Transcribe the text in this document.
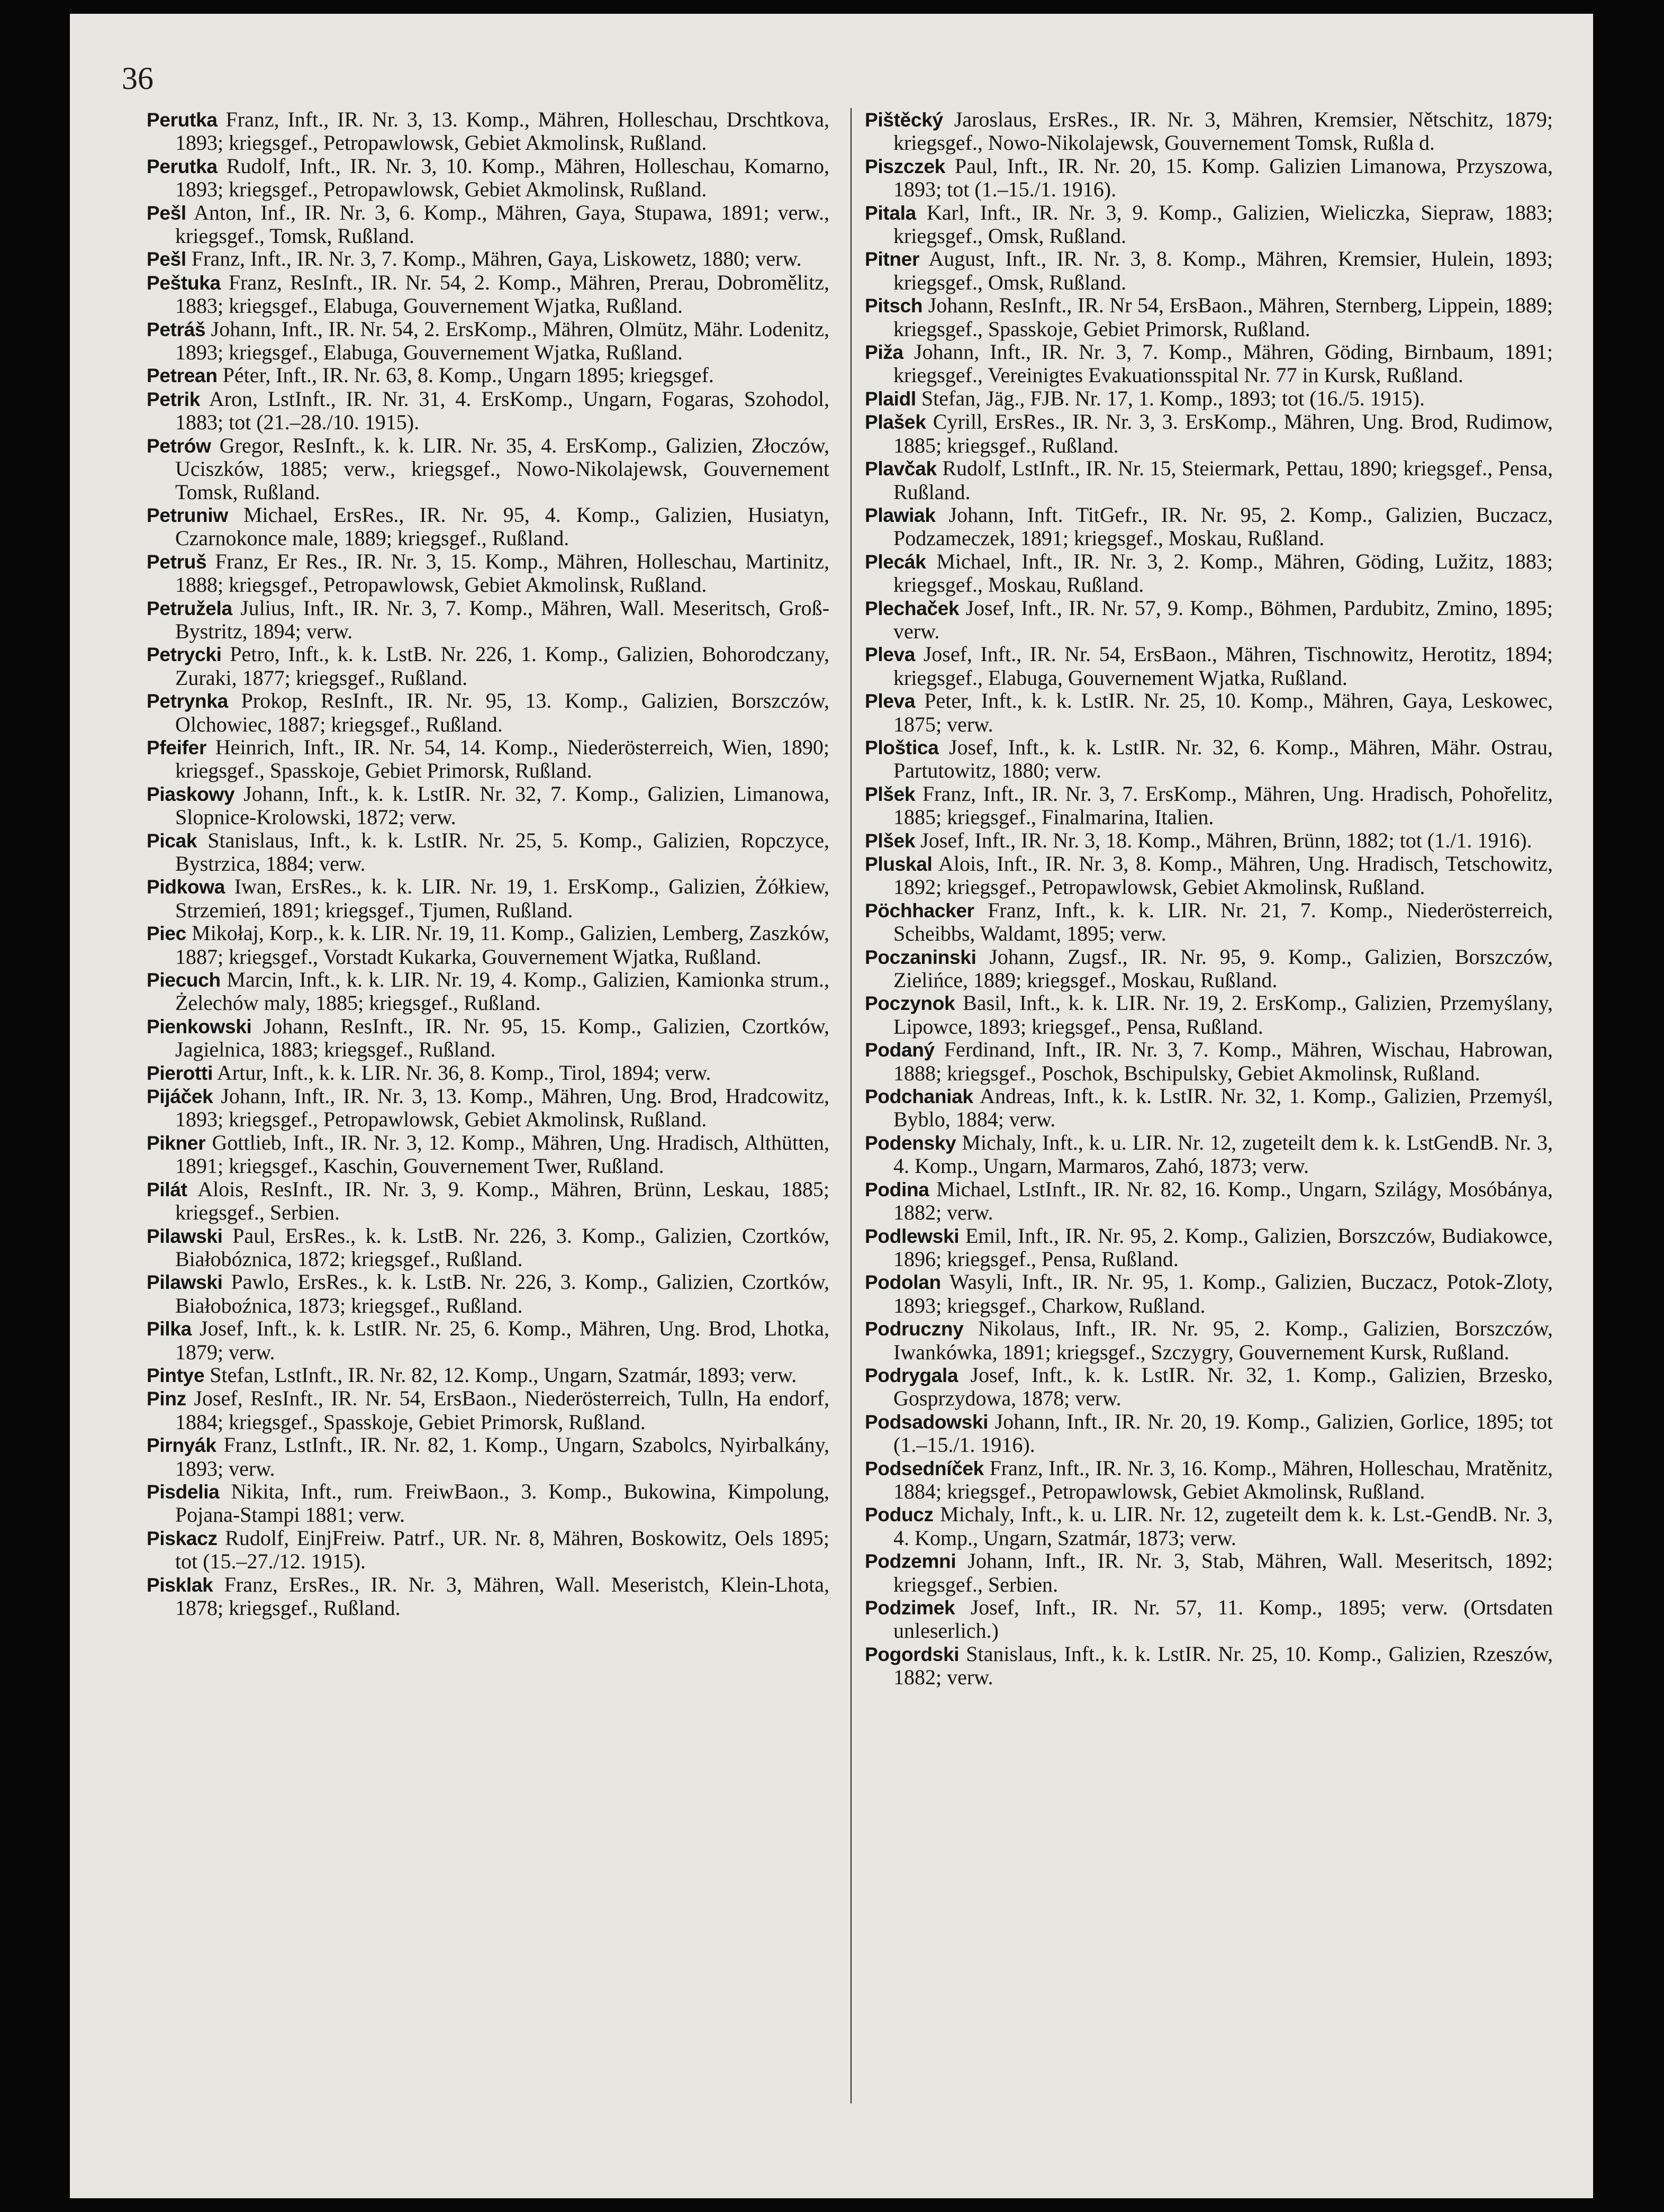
36

Perutka Franz, Inft., IR. Nr. 3, 13. Komp., Mähren, Holleschau, Drschtkova, 1893; kriegsgef., Petropawlowsk, Gebiet Akmolinsk, Rußland.

Perutka Rudolf, Inft., IR. Nr. 3, 10. Komp., Mähren, Holleschau, Komarno, 1893; kriegsgef., Petropawlowsk, Gebiet Akmolinsk, Rußland.

Pešl Anton, Inf., IR. Nr. 3, 6. Komp., Mähren, Gaya, Stupawa, 1891; verw., kriegsgef., Tomsk, Rußland.

Pešl Franz, Inft., IR. Nr. 3, 7. Komp., Mähren, Gaya, Liskowetz, 1880; verw.

Peštuka Franz, ResInft., IR. Nr. 54, 2. Komp., Mähren, Prerau, Dobromělitz, 1883; kriegsgef., Elabuga, Gouvernement Wjatka, Rußland.

Petráš Johann, Inft., IR. Nr. 54, 2. ErsKomp., Mähren, Olmütz, Mähr. Lodenitz, 1893; kriegsgef., Elabuga, Gouvernement Wjatka, Rußland.

Petrean Péter, Inft., IR. Nr. 63, 8. Komp., Ungarn 1895; kriegsgef.

Petrik Aron, LstInft., IR. Nr. 31, 4. ErsKomp., Ungarn, Fogaras, Szohodol, 1883; tot (21.–28./10. 1915).

Petrów Gregor, ResInft., k. k. LIR. Nr. 35, 4. ErsKomp., Galizien, Złoczów, Uciszków, 1885; verw., kriegsgef., Nowo-Nikolajewsk, Gouvernement Tomsk, Rußland.

Petruniw Michael, ErsRes., IR. Nr. 95, 4. Komp., Galizien, Husiatyn, Czarnokonce male, 1889; kriegsgef., Rußland.

Petruš Franz, Er Res., IR. Nr. 3, 15. Komp., Mähren, Holleschau, Martinitz, 1888; kriegsgef., Petropawlowsk, Gebiet Akmolinsk, Rußland.

Petružela Julius, Inft., IR. Nr. 3, 7. Komp., Mähren, Wall. Meseritsch, Groß-Bystritz, 1894; verw.

Petrycki Petro, Inft., k. k. LstB. Nr. 226, 1. Komp., Galizien, Bohorodczany, Zuraki, 1877; kriegsgef., Rußland.

Petrynka Prokop, ResInft., IR. Nr. 95, 13. Komp., Galizien, Borszczów, Olchowiec, 1887; kriegsgef., Rußland.

Pfeifer Heinrich, Inft., IR. Nr. 54, 14. Komp., Niederösterreich, Wien, 1890; kriegsgef., Spasskoje, Gebiet Primorsk, Rußland.

Piaskowy Johann, Inft., k. k. LstIR. Nr. 32, 7. Komp., Galizien, Limanowa, Slopnice-Krolowski, 1872; verw.

Picak Stanislaus, Inft., k. k. LstIR. Nr. 25, 5. Komp., Galizien, Ropczyce, Bystrzica, 1884; verw.

Pidkowa Iwan, ErsRes., k. k. LIR. Nr. 19, 1. ErsKomp., Galizien, Żółkiew, Strzemień, 1891; kriegsgef., Tjumen, Rußland.

Piec Mikołaj, Korp., k. k. LIR. Nr. 19, 11. Komp., Galizien, Lemberg, Zaszków, 1887; kriegsgef., Vorstadt Kukarka, Gouvernement Wjatka, Rußland.

Piecuch Marcin, Inft., k. k. LIR. Nr. 19, 4. Komp., Galizien, Kamionka strum., Żelechów maly, 1885; kriegsgef., Rußland.

Pienkowski Johann, ResInft., IR. Nr. 95, 15. Komp., Galizien, Czortków, Jagielnica, 1883; kriegsgef., Rußland.

Pierotti Artur, Inft., k. k. LIR. Nr. 36, 8. Komp., Tirol, 1894; verw.

Pijáček Johann, Inft., IR. Nr. 3, 13. Komp., Mähren, Ung. Brod, Hradcowitz, 1893; kriegsgef., Petropawlowsk, Gebiet Akmolinsk, Rußland.

Pikner Gottlieb, Inft., IR. Nr. 3, 12. Komp., Mähren, Ung. Hradisch, Althütten, 1891; kriegsgef., Kaschin, Gouvernement Twer, Rußland.

Pilát Alois, ResInft., IR. Nr. 3, 9. Komp., Mähren, Brünn, Leskau, 1885; kriegsgef., Serbien.

Pilawski Paul, ErsRes., k. k. LstB. Nr. 226, 3. Komp., Galizien, Czortków, Białobóznica, 1872; kriegsgef., Rußland.

Pilawski Pawlo, ErsRes., k. k. LstB. Nr. 226, 3. Komp., Galizien, Czortków, Białoboźnica, 1873; kriegsgef., Rußland.

Pilka Josef, Inft., k. k. LstIR. Nr. 25, 6. Komp., Mähren, Ung. Brod, Lhotka, 1879; verw.

Pintye Stefan, LstInft., IR. Nr. 82, 12. Komp., Ungarn, Szatmár, 1893; verw.

Pinz Josef, ResInft., IR. Nr. 54, ErsBaon., Niederösterreich, Tulln, Ha endorf, 1884; kriegsgef., Spasskoje, Gebiet Primorsk, Rußland.

Pirnyák Franz, LstInft., IR. Nr. 82, 1. Komp., Ungarn, Szabolcs, Nyirbalkány, 1893; verw.

Pisdelia Nikita, Inft., rum. FreiwBaon., 3. Komp., Bukowina, Kimpolung, Pojana-Stampi 1881; verw.

Piskacz Rudolf, EinjFreiw. Patrf., UR. Nr. 8, Mähren, Boskowitz, Oels 1895; tot (15.–27./12. 1915).

Pisklak Franz, ErsRes., IR. Nr. 3, Mähren, Wall. Meseristch, Klein-Lhota, 1878; kriegsgef., Rußland.

Pištěcký Jaroslaus, ErsRes., IR. Nr. 3, Mähren, Kremsier, Nětschitz, 1879; kriegsgef., Nowo-Nikolajewsk, Gouvernement Tomsk, Rußla d.

Piszczek Paul, Inft., IR. Nr. 20, 15. Komp. Galizien Limanowa, Przyszowa, 1893; tot (1.–15./1. 1916).

Pitala Karl, Inft., IR. Nr. 3, 9. Komp., Galizien, Wieliczka, Siepraw, 1883; kriegsgef., Omsk, Rußland.

Pitner August, Inft., IR. Nr. 3, 8. Komp., Mähren, Kremsier, Hulein, 1893; kriegsgef., Omsk, Rußland.

Pitsch Johann, ResInft., IR. Nr 54, ErsBaon., Mähren, Sternberg, Lippein, 1889; kriegsgef., Spasskoje, Gebiet Primorsk, Rußland.

Piža Johann, Inft., IR. Nr. 3, 7. Komp., Mähren, Göding, Birnbaum, 1891; kriegsgef., Vereinigtes Evakuationsspital Nr. 77 in Kursk, Rußland.

Plaidl Stefan, Jäg., FJB. Nr. 17, 1. Komp., 1893; tot (16./5. 1915).

Plašek Cyrill, ErsRes., IR. Nr. 3, 3. ErsKomp., Mähren, Ung. Brod, Rudimow, 1885; kriegsgef., Rußland.

Plavčak Rudolf, LstInft., IR. Nr. 15, Steiermark, Pettau, 1890; kriegsgef., Pensa, Rußland.

Plawiak Johann, Inft. TitGefr., IR. Nr. 95, 2. Komp., Galizien, Buczacz, Podzameczek, 1891; kriegsgef., Moskau, Rußland.

Plecák Michael, Inft., IR. Nr. 3, 2. Komp., Mähren, Göding, Lužitz, 1883; kriegsgef., Moskau, Rußland.

Plechaček Josef, Inft., IR. Nr. 57, 9. Komp., Böhmen, Pardubitz, Zmino, 1895; verw.

Pleva Josef, Inft., IR. Nr. 54, ErsBaon., Mähren, Tischnowitz, Herotitz, 1894; kriegsgef., Elabuga, Gouvernement Wjatka, Rußland.

Pleva Peter, Inft., k. k. LstIR. Nr. 25, 10. Komp., Mähren, Gaya, Leskowec, 1875; verw.

Ploštica Josef, Inft., k. k. LstIR. Nr. 32, 6. Komp., Mähren, Mähr. Ostrau, Partutowitz, 1880; verw.

Plšek Franz, Inft., IR. Nr. 3, 7. ErsKomp., Mähren, Ung. Hradisch, Pohořelitz, 1885; kriegsgef., Finalmarina, Italien.

Plšek Josef, Inft., IR. Nr. 3, 18. Komp., Mähren, Brünn, 1882; tot (1./1. 1916).

Pluskal Alois, Inft., IR. Nr. 3, 8. Komp., Mähren, Ung. Hradisch, Tetschowitz, 1892; kriegsgef., Petropawlowsk, Gebiet Akmolinsk, Rußland.

Pöchhacker Franz, Inft., k. k. LIR. Nr. 21, 7. Komp., Niederösterreich, Scheibbs, Waldamt, 1895; verw.

Poczaninski Johann, Zugsf., IR. Nr. 95, 9. Komp., Galizien, Borszczów, Zielińce, 1889; kriegsgef., Moskau, Rußland.

Poczynok Basil, Inft., k. k. LIR. Nr. 19, 2. ErsKomp., Galizien, Przemyślany, Lipowce, 1893; kriegsgef., Pensa, Rußland.

Podaný Ferdinand, Inft., IR. Nr. 3, 7. Komp., Mähren, Wischau, Habrowan, 1888; kriegsgef., Poschok, Bschipulsky, Gebiet Akmolinsk, Rußland.

Podchaniak Andreas, Inft., k. k. LstIR. Nr. 32, 1. Komp., Galizien, Przemyśl, Byblo, 1884; verw.

Podensky Michaly, Inft., k. u. LIR. Nr. 12, zugeteilt dem k. k. LstGendB. Nr. 3, 4. Komp., Ungarn, Marmaros, Zahó, 1873; verw.

Podina Michael, LstInft., IR. Nr. 82, 16. Komp., Ungarn, Szilágy, Mosóbánya, 1882; verw.

Podlewski Emil, Inft., IR. Nr. 95, 2. Komp., Galizien, Borszczów, Budiakowce, 1896; kriegsgef., Pensa, Rußland.

Podolan Wasyli, Inft., IR. Nr. 95, 1. Komp., Galizien, Buczacz, Potok-Zloty, 1893; kriegsgef., Charkow, Rußland.

Podruczny Nikolaus, Inft., IR. Nr. 95, 2. Komp., Galizien, Borszczów, Iwankówka, 1891; kriegsgef., Szczygry, Gouvernement Kursk, Rußland.

Podrygala Josef, Inft., k. k. LstIR. Nr. 32, 1. Komp., Galizien, Brzesko, Gosprzydowa, 1878; verw.

Podsadowski Johann, Inft., IR. Nr. 20, 19. Komp., Galizien, Gorlice, 1895; tot (1.–15./1. 1916).

Podsedníček Franz, Inft., IR. Nr. 3, 16. Komp., Mähren, Holleschau, Mratěnitz, 1884; kriegsgef., Petropawlowsk, Gebiet Akmolinsk, Rußland.

Poducz Michaly, Inft., k. u. LIR. Nr. 12, zugeteilt dem k. k. Lst.-GendB. Nr. 3, 4. Komp., Ungarn, Szatmár, 1873; verw.

Podzemni Johann, Inft., IR. Nr. 3, Stab, Mähren, Wall. Meseritsch, 1892; kriegsgef., Serbien.

Podzimek Josef, Inft., IR. Nr. 57, 11. Komp., 1895; verw. (Ortsdaten unleserlich.)

Pogordski Stanislaus, Inft., k. k. LstIR. Nr. 25, 10. Komp., Galizien, Rzeszów, 1882; verw.
